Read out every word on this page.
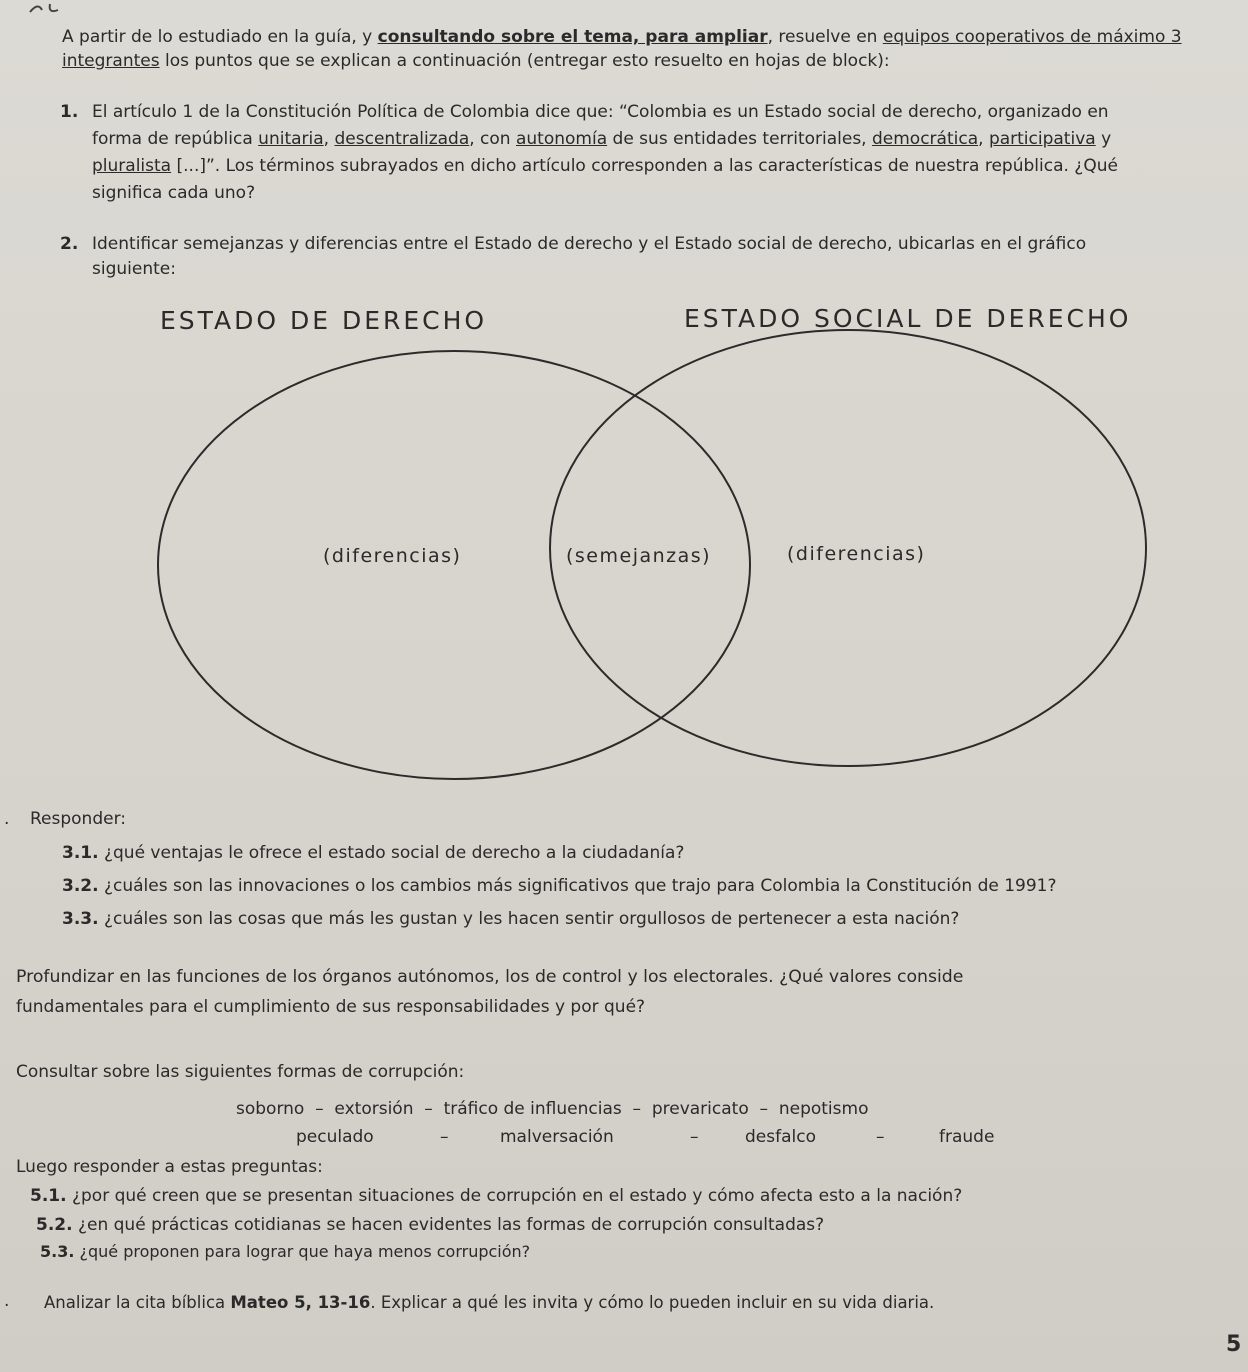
A partir de lo estudiado en la guía, y consultando sobre el tema, para ampliar, resuelve en equipos cooperativos de máximo 3
integrantes los puntos que se explican a continuación (entregar esto resuelto en hojas de block):
1. El artículo 1 de la Constitución Política de Colombia dice que: “Colombia es un Estado social de derecho, organizado en
forma de república unitaria, descentralizada, con autonomía de sus entidades territoriales, democrática, participativa y
pluralista [...]”. Los términos subrayados en dicho artículo corresponden a las características de nuestra república. ¿Qué
significa cada uno?
2. Identificar semejanzas y diferencias entre el Estado de derecho y el Estado social de derecho, ubicarlas en el gráfico
siguiente:
ESTADO DE DERECHO	ESTADO SOCIAL DE DERECHO
(diferencias)	(semejanzas)	(diferencias)
. Responder:
3.1. ¿qué ventajas le ofrece el estado social de derecho a la ciudadanía?
3.2. ¿cuáles son las innovaciones o los cambios más significativos que trajo para Colombia la Constitución de 1991?
3.3. ¿cuáles son las cosas que más les gustan y les hacen sentir orgullosos de pertenecer a esta nación?
Profundizar en las funciones de los órganos autónomos, los de control y los electorales. ¿Qué valores conside
fundamentales para el cumplimiento de sus responsabilidades y por qué?
Consultar sobre las siguientes formas de corrupción:
soborno  –  extorsión  –  tráfico de influencias  –  prevaricato  –  nepotismo
peculado	–	malversación	–	desfalco	–	fraude
Luego responder a estas preguntas:
5.1. ¿por qué creen que se presentan situaciones de corrupción en el estado y cómo afecta esto a la nación?
5.2. ¿en qué prácticas cotidianas se hacen evidentes las formas de corrupción consultadas?
5.3. ¿qué proponen para lograr que haya menos corrupción?
. Analizar la cita bíblica Mateo 5, 13-16. Explicar a qué les invita y cómo lo pueden incluir en su vida diaria.
5
